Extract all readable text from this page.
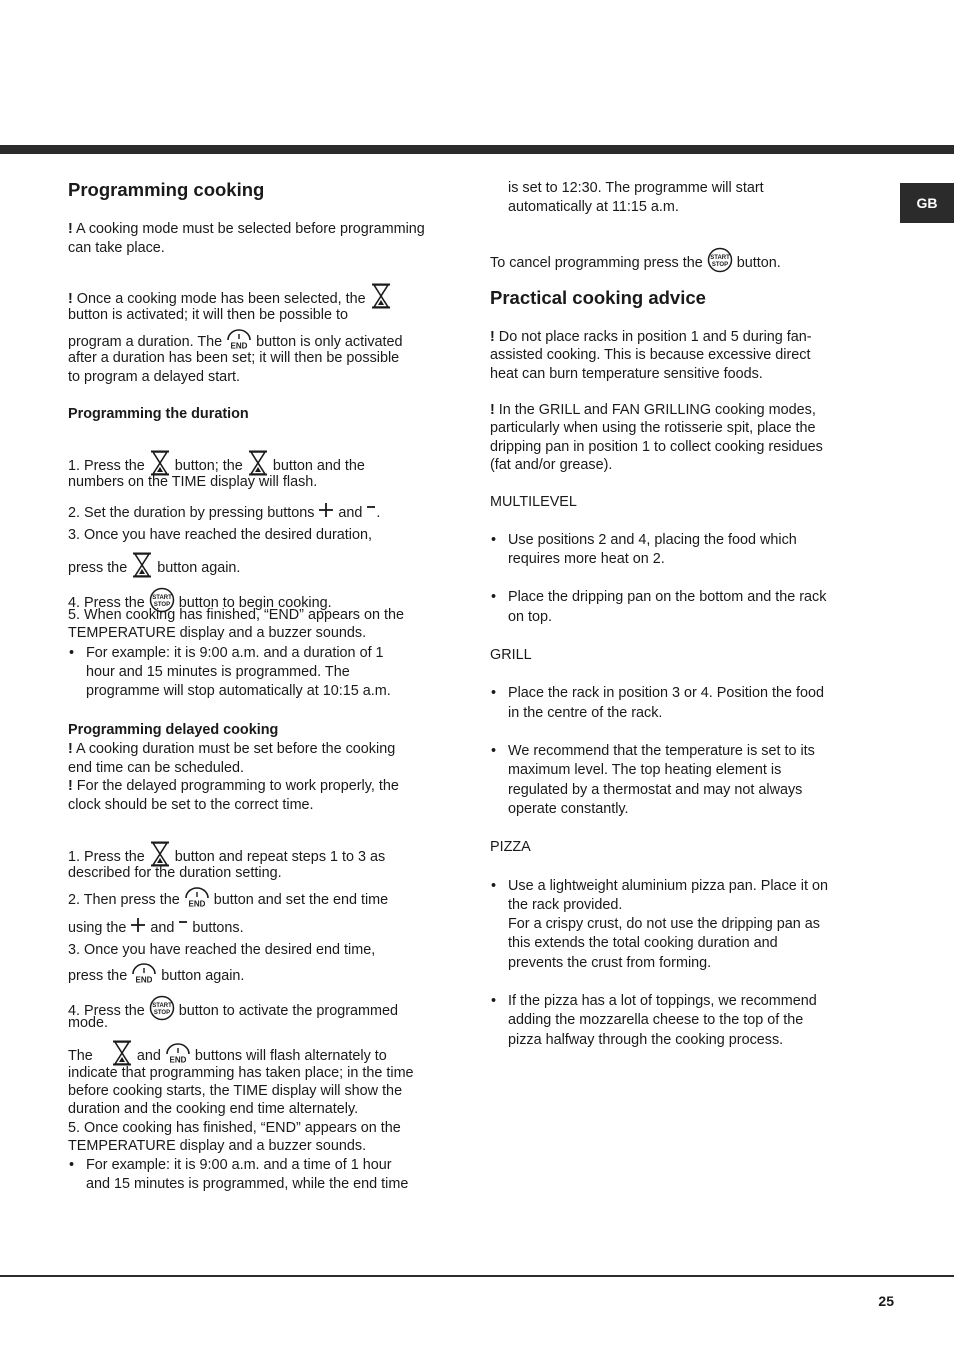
GB
Programming cooking
! A cooking mode must be selected before programming can take place.
! Once a cooking mode has been selected, the
button is activated; it will then be possible to
program a duration. The END button is only activated
after a duration has been set; it will then be possible
to program a delayed start.
Programming the duration
1. Press the button; the button and the
numbers on the TIME display will flash.
2. Set the duration by pressing buttons and .
3. Once you have reached the desired duration,
press the button again.
4. Press the START
STOP button to begin cooking.
5. When cooking has finished, “END” appears on the
TEMPERATURE display and a buzzer sounds.
• For example: it is 9:00 a.m. and a duration of 1
hour and 15 minutes is programmed. The
programme will stop automatically at 10:15 a.m.
Programming delayed cooking
! A cooking duration must be set before the cooking
end time can be scheduled.
! For the delayed programming to work properly, the
clock should be set to the correct time.
1. Press the button and repeat steps 1 to 3 as
described for the duration setting.
2. Then press the END button and set the end time
using the and buttons.
3. Once you have reached the desired end time,
press the END button again.
4. Press the START
STOP button to activate the programmed
mode.
The	and END buttons will flash alternately to
indicate that programming has taken place; in the time
before cooking starts, the TIME display will show the
duration and the cooking end time alternately.
5. Once cooking has finished, “END” appears on the
TEMPERATURE display and a buzzer sounds.
• For example: it is 9:00 a.m. and a time of 1 hour
and 15 minutes is programmed, while the end time
is set to 12:30. The programme will start
automatically at 11:15 a.m.
To cancel programming press the START
STOP button.
Practical cooking advice
! Do not place racks in position 1 and 5 during fan-
assisted cooking. This is because excessive direct
heat can burn temperature sensitive foods.
! In the GRILL and FAN GRILLING cooking modes,
particularly when using the rotisserie spit, place the
dripping pan in position 1 to collect cooking residues
(fat and/or grease).
MULTILEVEL
• Use positions 2 and 4, placing the food which
requires more heat on 2.
• Place the dripping pan on the bottom and the rack
on top.
GRILL
• Place the rack in position 3 or 4. Position the food
in the centre of the rack.
• We recommend that the temperature is set to its
maximum level. The top heating element is
regulated by a thermostat and may not always
operate constantly.
PIZZA
• Use a lightweight aluminium pizza pan. Place it on
the rack provided.
For a crispy crust, do not use the dripping pan as
this extends the total cooking duration and
prevents the crust from forming.
• If the pizza has a lot of toppings, we recommend
adding the mozzarella cheese to the top of the
pizza halfway through the cooking process.
25
